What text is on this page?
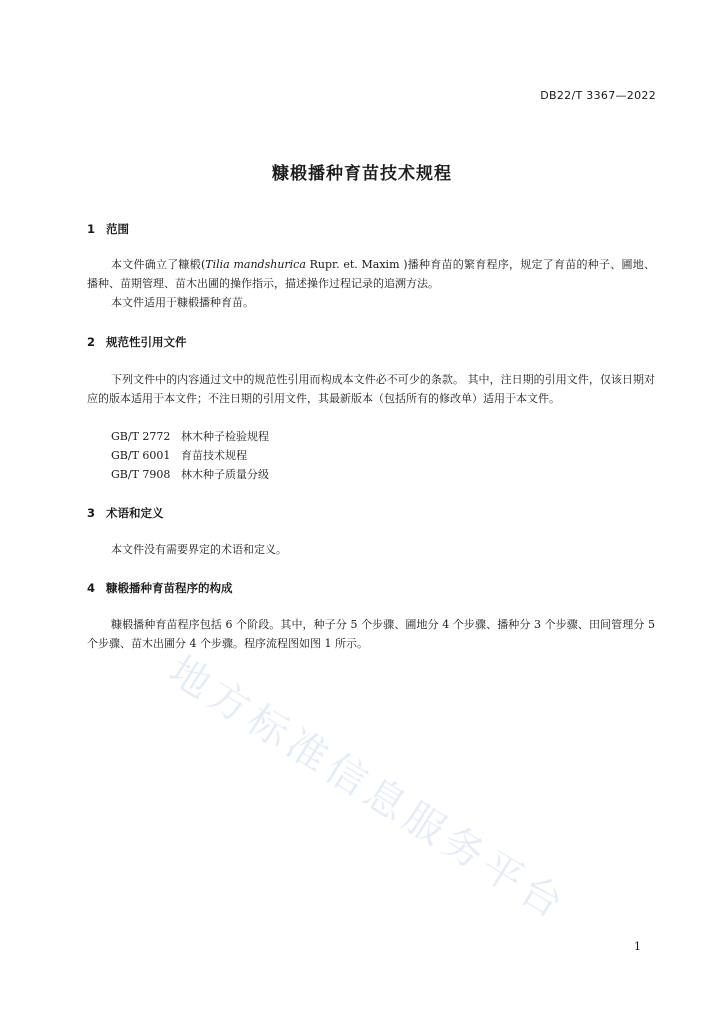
DB22/T 3367—2022
糠椴播种育苗技术规程
1 范围

本文件确立了糠椴(Tilia mandshurica Rupr. et. Maxim )播种育苗的繁育程序，规定了育苗的种子、圃地、播种、苗期管理、苗木出圃的操作指示，描述操作过程记录的追溯方法。

本文件适用于糠椴播种育苗。

2 规范性引用文件

下列文件中的内容通过文中的规范性引用而构成本文件必不可少的条款。 其中，注日期的引用文件，仅该日期对应的版本适用于本文件；不注日期的引用文件，其最新版本（包括所有的修改单）适用于本文件。

GB/T 2772 林木种子检验规程
GB/T 6001 育苗技术规程
GB/T 7908 林木种子质量分级
3 术语和定义

本文件没有需要界定的术语和定义。

4 糠椴播种育苗程序的构成

糠椴播种育苗程序包括 6 个阶段。其中，种子分 5 个步骤、圃地分 4 个步骤、播种分 3 个步骤、田间管理分 5 个步骤、苗木出圃分 4 个步骤。程序流程图如图 1 所示。

地方标准信息服务平台
1
